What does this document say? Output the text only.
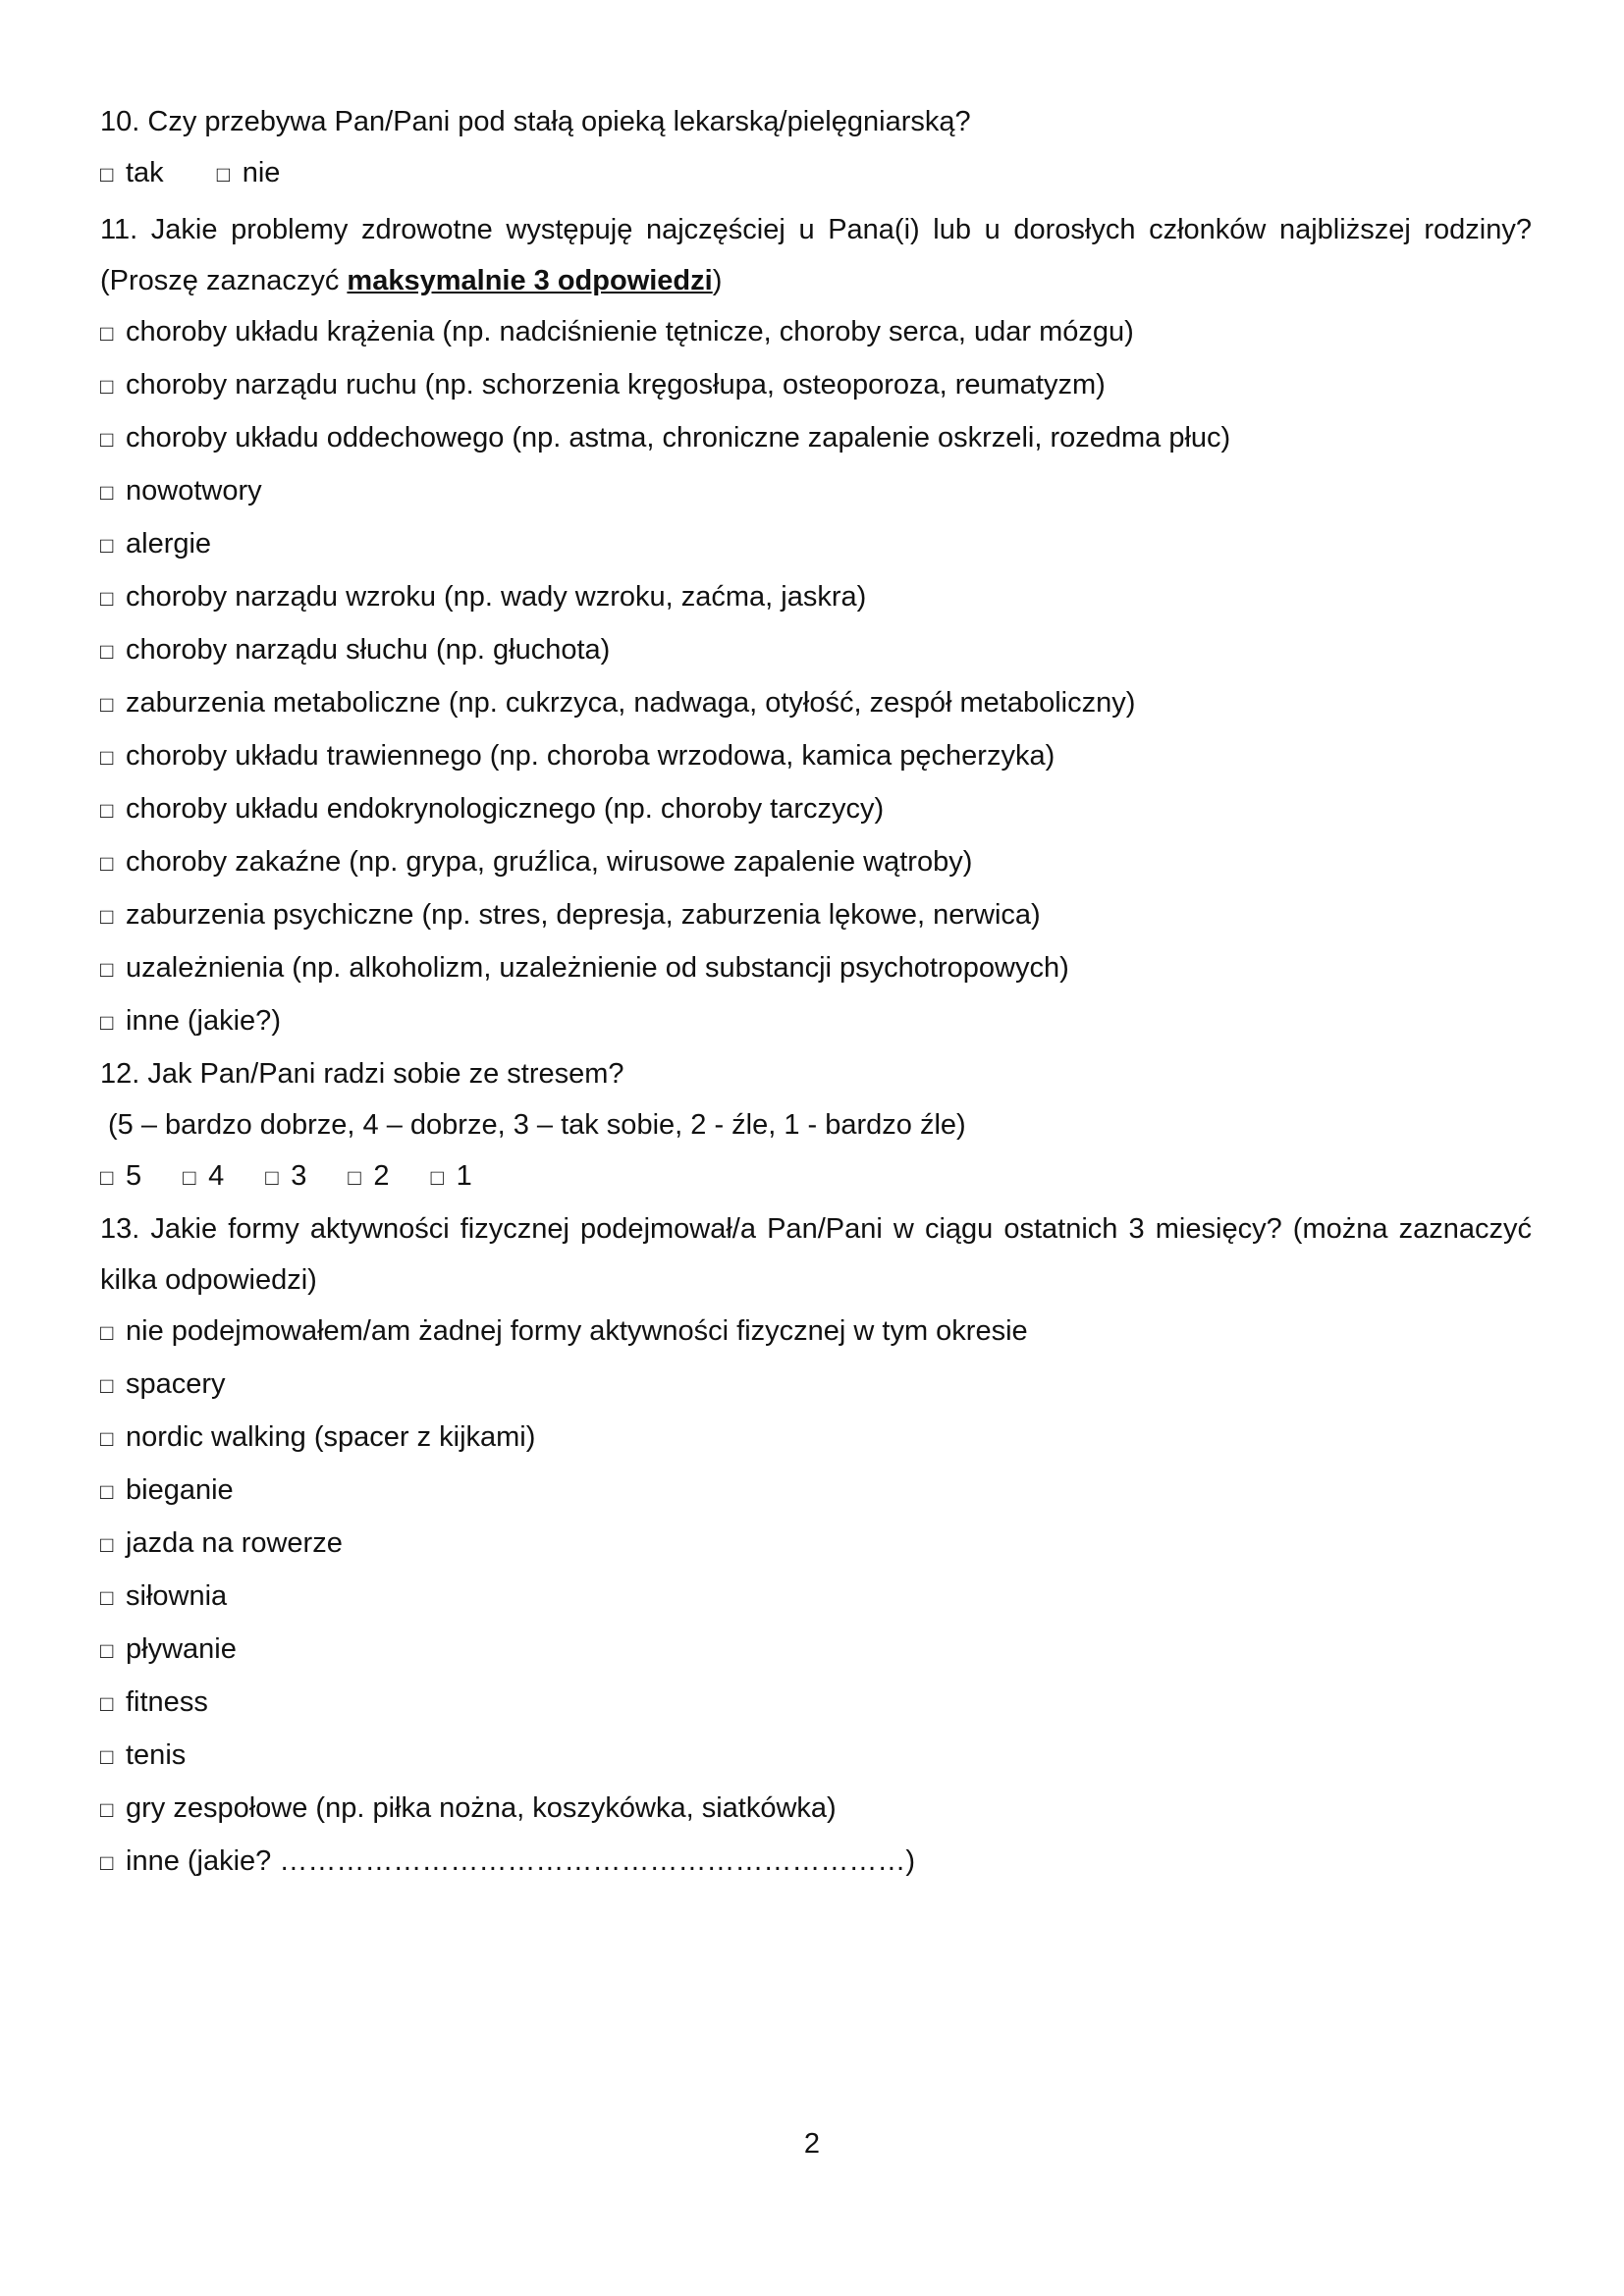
10. Czy przebywa Pan/Pani pod stałą opieką lekarską/pielęgniarską?

□ tak □ nie

11. Jakie problemy zdrowotne występuję najczęściej u Pana(i) lub u dorosłych członków najbliższej rodziny? (Proszę zaznaczyć maksymalnie 3 odpowiedzi)

□ choroby układu krążenia (np. nadciśnienie tętnicze, choroby serca, udar mózgu)

□ choroby narządu ruchu (np. schorzenia kręgosłupa, osteoporoza, reumatyzm)

□ choroby układu oddechowego (np. astma, chroniczne zapalenie oskrzeli, rozedma płuc)

□ nowotwory

□ alergie

□ choroby narządu wzroku (np. wady wzroku, zaćma, jaskra)

□ choroby narządu słuchu (np. głuchota)

□ zaburzenia metaboliczne (np. cukrzyca, nadwaga, otyłość, zespół metaboliczny)

□ choroby układu trawiennego (np. choroba wrzodowa, kamica pęcherzyka)

□ choroby układu endokrynologicznego (np. choroby tarczycy)

□ choroby zakaźne (np. grypa, gruźlica, wirusowe zapalenie wątroby)

□ zaburzenia psychiczne (np. stres, depresja, zaburzenia lękowe, nerwica)

□ uzależnienia (np. alkoholizm, uzależnienie od substancji psychotropowych)

□ inne (jakie?)

12. Jak Pan/Pani radzi sobie ze stresem?

(5 – bardzo dobrze, 4 – dobrze, 3 – tak sobie, 2 - źle, 1 - bardzo źle)

□ 5 □ 4 □ 3 □ 2 □ 1

13. Jakie formy aktywności fizycznej podejmował/a Pan/Pani w ciągu ostatnich 3 miesięcy? (można zaznaczyć kilka odpowiedzi)

□ nie podejmowałem/am żadnej formy aktywności fizycznej w tym okresie

□ spacery

□ nordic walking (spacer z kijkami)

□ bieganie

□ jazda na rowerze

□ siłownia

□ pływanie

□ fitness

□ tenis

□ gry zespołowe (np. piłka nożna, koszykówka, siatkówka)

□ inne (jakie? …………………………………………………………)

2
